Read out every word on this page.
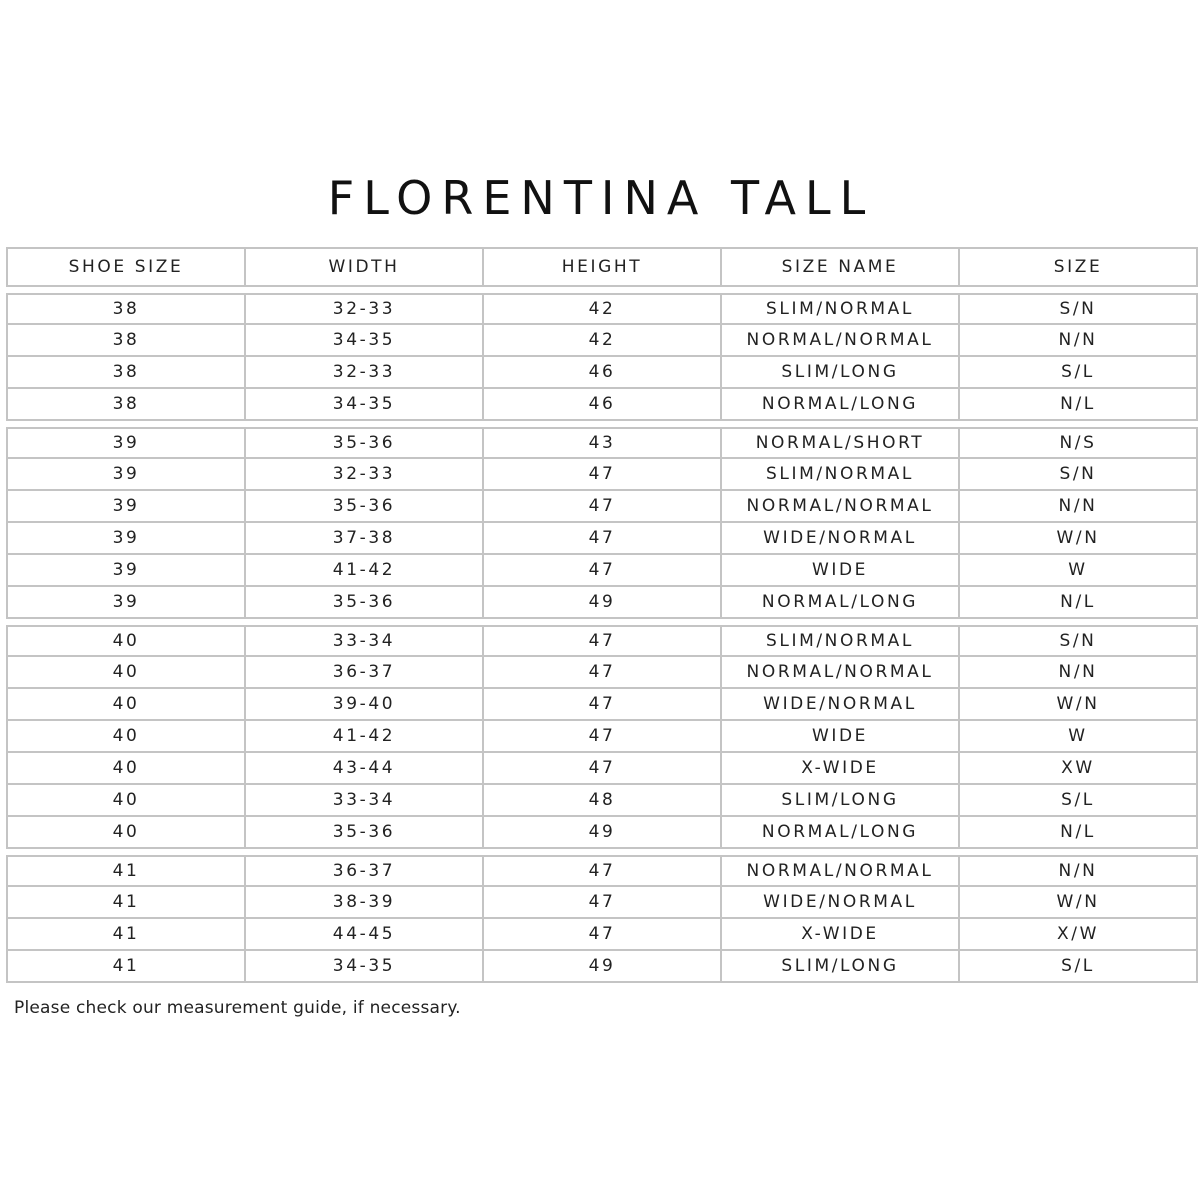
FLORENTINA TALL
SHOE SIZE	WIDTH	HEIGHT	SIZE NAME	SIZE
38	32-33	42	SLIM/NORMAL	S/N
38	34-35	42	NORMAL/NORMAL	N/N
38	32-33	46	SLIM/LONG	S/L
38	34-35	46	NORMAL/LONG	N/L
39	35-36	43	NORMAL/SHORT	N/S
39	32-33	47	SLIM/NORMAL	S/N
39	35-36	47	NORMAL/NORMAL	N/N
39	37-38	47	WIDE/NORMAL	W/N
39	41-42	47	WIDE	W
39	35-36	49	NORMAL/LONG	N/L
40	33-34	47	SLIM/NORMAL	S/N
40	36-37	47	NORMAL/NORMAL	N/N
40	39-40	47	WIDE/NORMAL	W/N
40	41-42	47	WIDE	W
40	43-44	47	X-WIDE	XW
40	33-34	48	SLIM/LONG	S/L
40	35-36	49	NORMAL/LONG	N/L
41	36-37	47	NORMAL/NORMAL	N/N
41	38-39	47	WIDE/NORMAL	W/N
41	44-45	47	X-WIDE	X/W
41	34-35	49	SLIM/LONG	S/L
Please check our measurement guide, if necessary.
